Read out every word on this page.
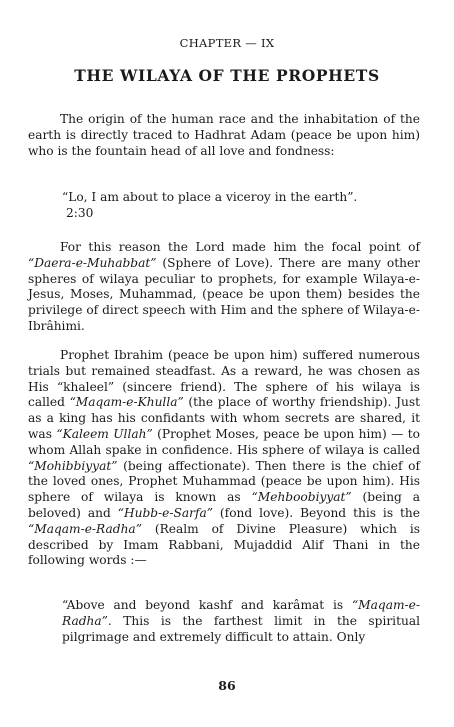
CHAPTER — IX
THE WILAYA OF THE PROPHETS

The origin of the human race and the inhabitation of the earth is directly traced to Hadhrat Adam (peace be upon him) who is the fountain head of all love and fondness:

“Lo, I am about to place a viceroy in the earth”.
2:30

For this reason the Lord made him the focal point of “Daera-e-Muhabbat” (Sphere of Love). There are many other spheres of wilaya peculiar to prophets, for example Wilaya-e-Jesus, Moses, Muhammad, (peace be upon them) besides the privilege of direct speech with Him and the sphere of Wilaya-e-Ibrâhimi.

Prophet Ibrahim (peace be upon him) suffered numerous trials but remained steadfast. As a reward, he was chosen as His “khaleel” (sincere friend). The sphere of his wilaya is called “Maqam-e-Khulla” (the place of worthy friendship). Just as a king has his confidants with whom secrets are shared, it was “Kaleem Ullah” (Prophet Moses, peace be upon him) — to whom Allah spake in confidence. His sphere of wilaya is called “Mohibbiyyat” (being affectionate). Then there is the chief of the loved ones, Prophet Muhammad (peace be upon him). His sphere of wilaya is known as “Mehboobiyyat” (being a beloved) and “Hubb-e-Sarfa” (fond love). Beyond this is the “Maqam-e-Radha” (Realm of Divine Pleasure) which is described by Imam Rabbani, Mujaddid Alif Thani in the following words :—

“Above and beyond kashf and karâmat is “Maqam-e-Radha”. This is the farthest limit in the spiritual pilgrimage and extremely difficult to attain. Only

86
